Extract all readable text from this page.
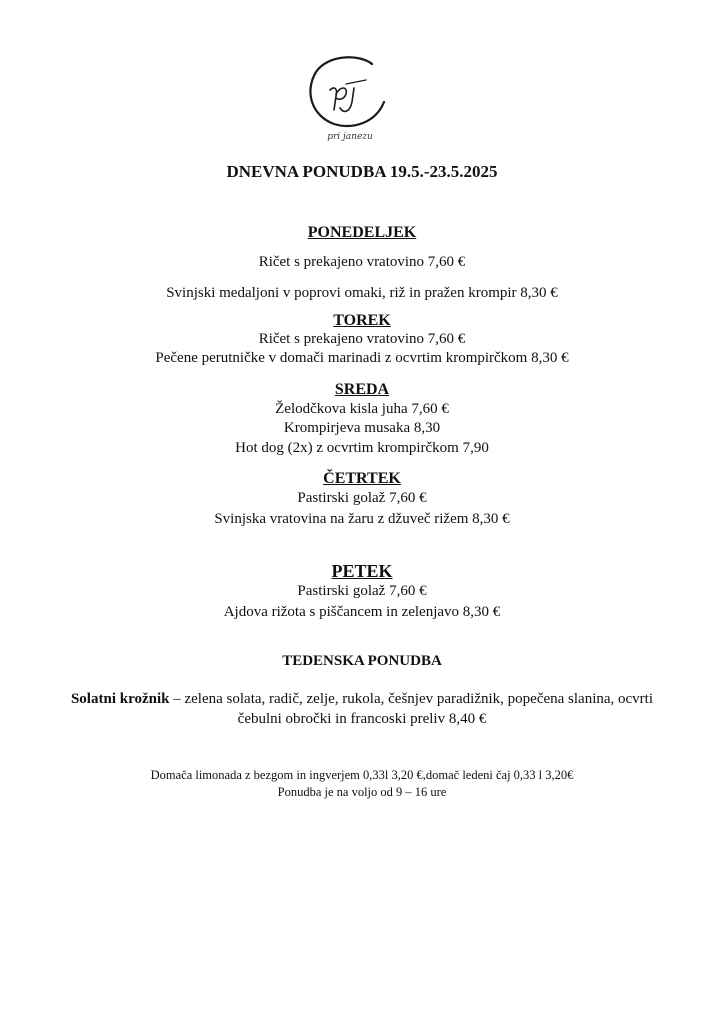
pri janezu
DNEVNA PONUDBA 19.5.-23.5.2025
PONEDELJEK
Ričet s prekajeno vratovino 7,60 €
Svinjski medaljoni v poprovi omaki, riž in pražen krompir 8,30 €
TOREK
Ričet s prekajeno vratovino 7,60 €
Pečene perutničke v domači marinadi z ocvrtim krompirčkom 8,30 €
SREDA
Želodčkova kisla juha 7,60 €
Krompirjeva musaka 8,30
Hot dog (2x) z ocvrtim krompirčkom 7,90
ČETRTEK
Pastirski golaž 7,60 €
Svinjska vratovina na žaru z džuveč rižem 8,30 €
PETEK
Pastirski golaž 7,60 €
Ajdova rižota s piščancem in zelenjavo 8,30 €
TEDENSKA PONUDBA
Solatni krožnik – zelena solata, radič, zelje, rukola, češnjev paradižnik, popečena slanina, ocvrti čebulni obročki in francoski preliv 8,40 €
Domača limonada z bezgom in ingverjem 0,33l 3,20 €,domač ledeni čaj 0,33 l 3,20€
Ponudba je na voljo od 9 – 16 ure
